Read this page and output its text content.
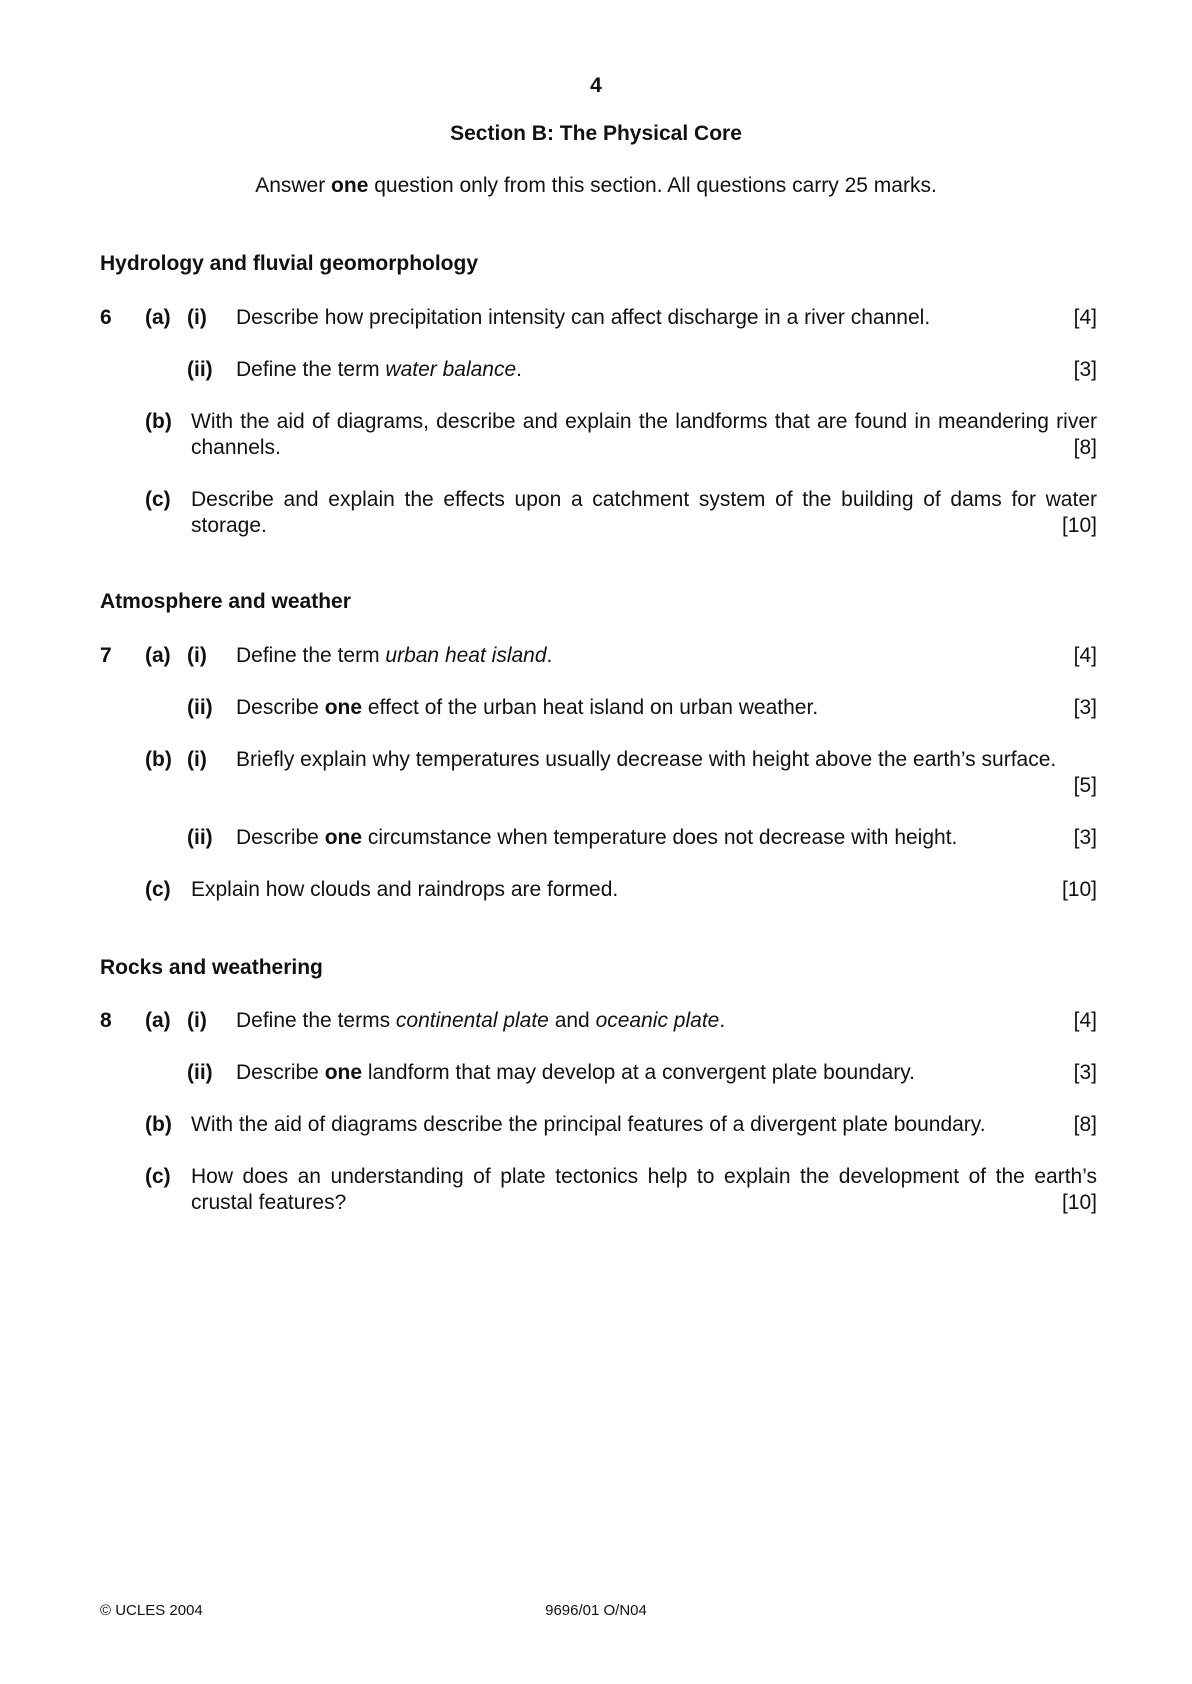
4
Section B: The Physical Core
Answer one question only from this section. All questions carry 25 marks.
Hydrology and fluvial geomorphology
6 (a) (i) Describe how precipitation intensity can affect discharge in a river channel.	[4]
(ii) Define the term water balance.	[3]
(b) With the aid of diagrams, describe and explain the landforms that are found in meandering river channels.	[8]
(c) Describe and explain the effects upon a catchment system of the building of dams for water storage.	[10]
Atmosphere and weather
7 (a) (i) Define the term urban heat island.	[4]
(ii) Describe one effect of the urban heat island on urban weather.	[3]
(b) (i) Briefly explain why temperatures usually decrease with height above the earth’s surface.
[5]
(ii) Describe one circumstance when temperature does not decrease with height.	[3]
(c) Explain how clouds and raindrops are formed.	[10]
Rocks and weathering
8 (a) (i) Define the terms continental plate and oceanic plate.	[4]
(ii) Describe one landform that may develop at a convergent plate boundary.	[3]
(b) With the aid of diagrams describe the principal features of a divergent plate boundary.	[8]
(c) How does an understanding of plate tectonics help to explain the development of the earth’s crustal features?	[10]
© UCLES 2004	9696/01 O/N04
